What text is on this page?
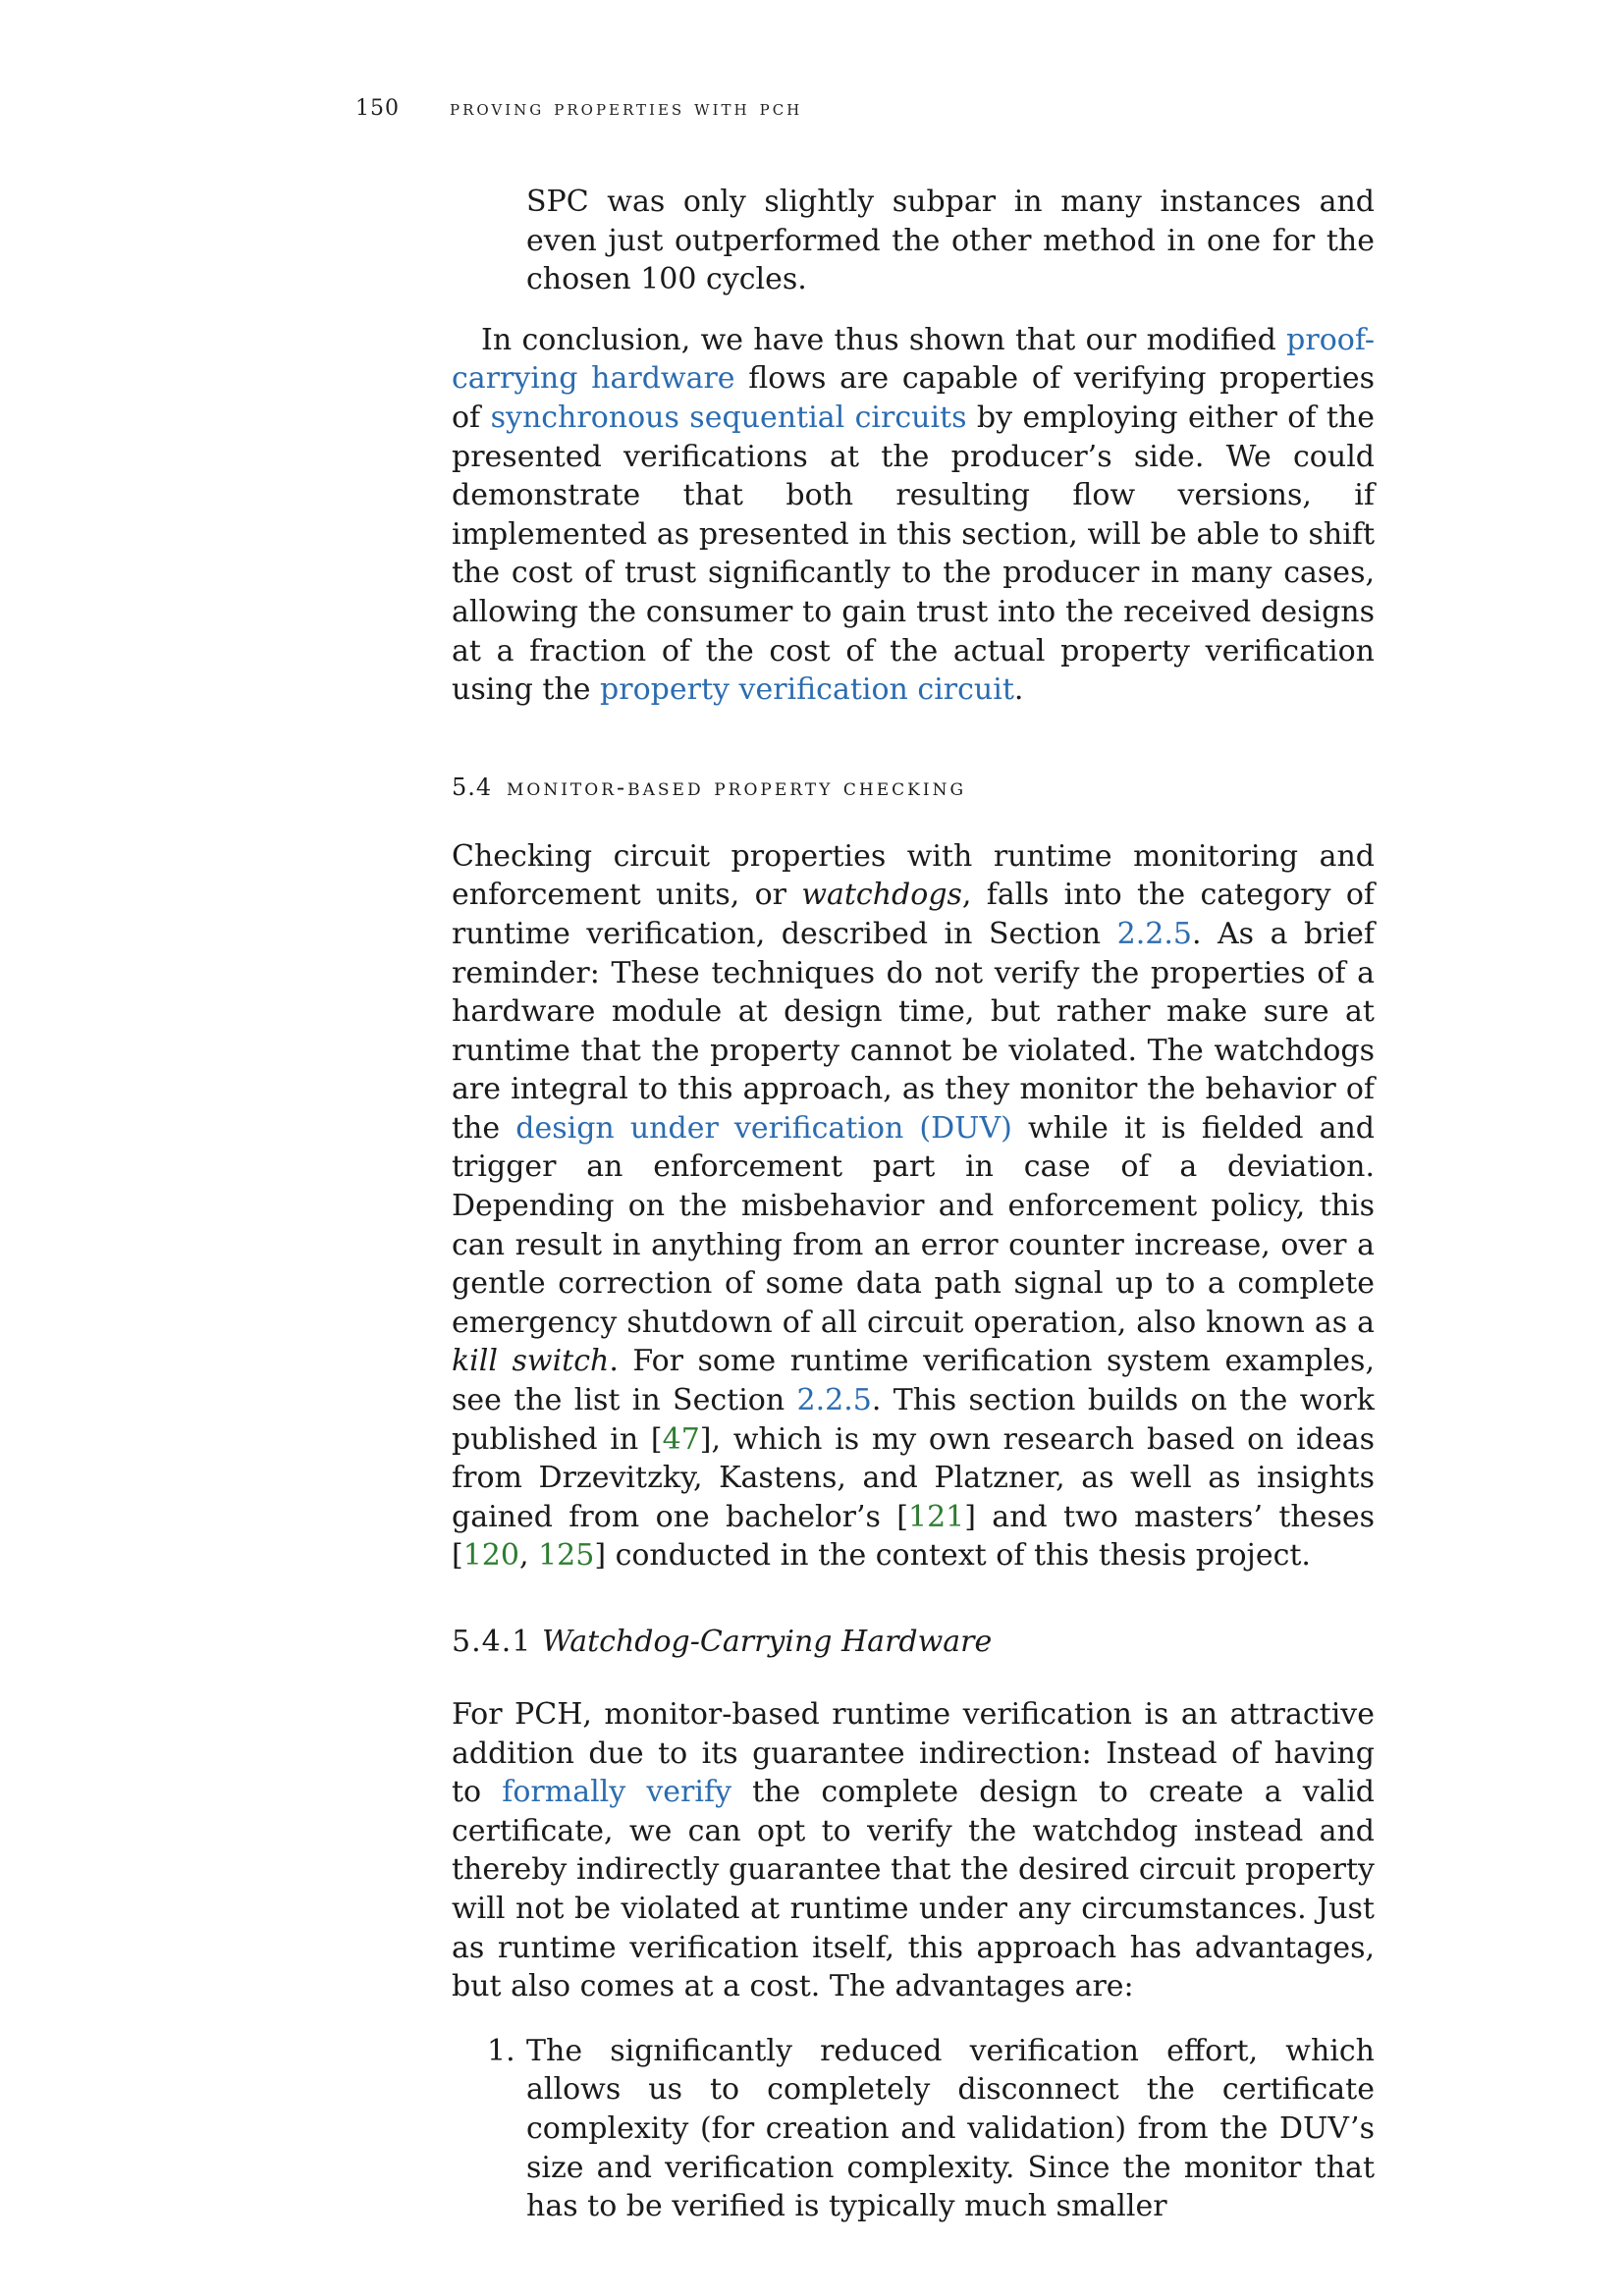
150 proving properties with pch

SPC was only slightly subpar in many instances and even just outperformed the other method in one for the chosen 100 cycles.

In conclusion, we have thus shown that our modified proof-carrying hardware flows are capable of verifying properties of synchronous sequential circuits by employing either of the presented verifications at the producer’s side. We could demonstrate that both resulting flow versions, if implemented as presented in this section, will be able to shift the cost of trust significantly to the producer in many cases, allowing the consumer to gain trust into the received designs at a fraction of the cost of the actual property verification using the property verification circuit.

5.4 monitor-based property checking

Checking circuit properties with runtime monitoring and enforcement units, or watchdogs, falls into the category of runtime verification, described in Section 2.2.5. As a brief reminder: These techniques do not verify the properties of a hardware module at design time, but rather make sure at runtime that the property cannot be violated. The watchdogs are integral to this approach, as they monitor the behavior of the design under verification (DUV) while it is fielded and trigger an enforcement part in case of a deviation. Depending on the misbehavior and enforcement policy, this can result in anything from an error counter increase, over a gentle correction of some data path signal up to a complete emergency shutdown of all circuit operation, also known as a kill switch. For some runtime verification system examples, see the list in Section 2.2.5. This section builds on the work published in [47], which is my own research based on ideas from Drzevitzky, Kastens, and Platzner, as well as insights gained from one bachelor’s [121] and two masters’ theses [120, 125] conducted in the context of this thesis project.

5.4.1 Watchdog-Carrying Hardware

For PCH, monitor-based runtime verification is an attractive addition due to its guarantee indirection: Instead of having to formally verify the complete design to create a valid certificate, we can opt to verify the watchdog instead and thereby indirectly guarantee that the desired circuit property will not be violated at runtime under any circumstances. Just as runtime verification itself, this approach has advantages, but also comes at a cost. The advantages are:

1. The significantly reduced verification effort, which allows us to completely disconnect the certificate complexity (for creation and validation) from the DUV’s size and verification complexity. Since the monitor that has to be verified is typically much smaller
